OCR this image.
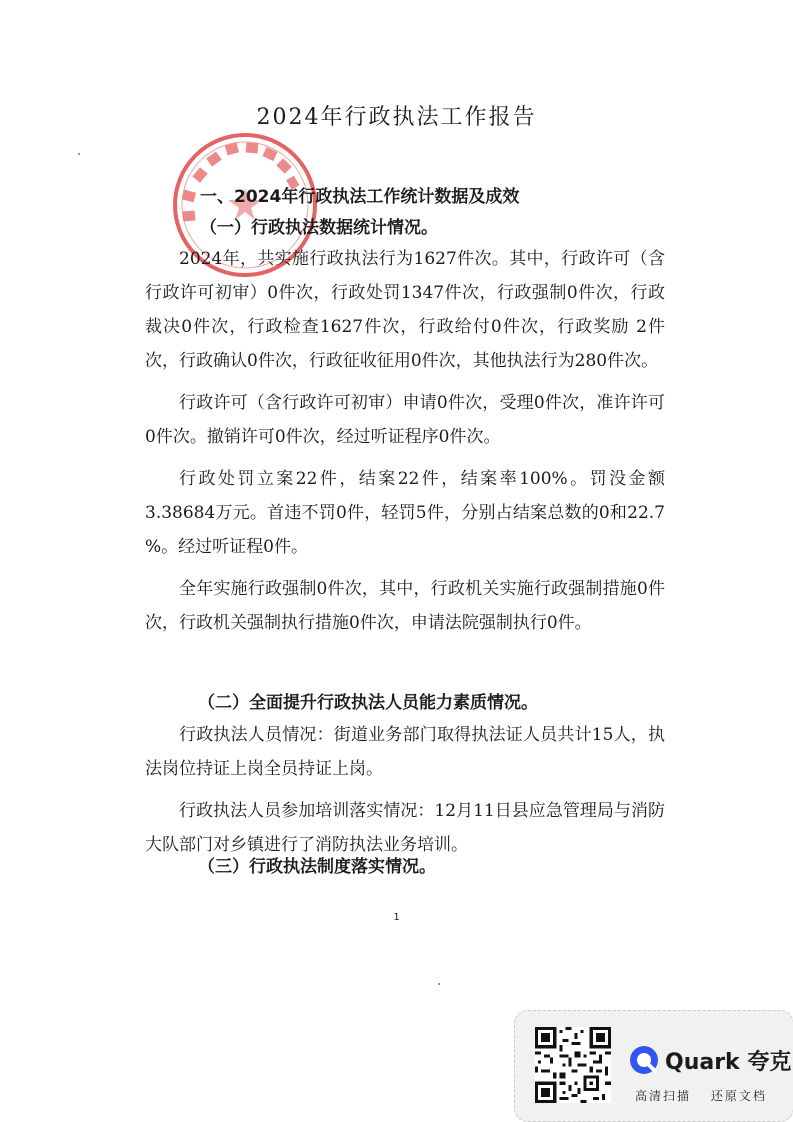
2024年行政执法工作报告
一、2024年行政执法工作统计数据及成效
（一）行政执法数据统计情况。

2024年，共实施行政执法行为1627件次。其中，行政许可（含行政许可初审）0件次，行政处罚1347件次，行政强制0件次，行政裁决0件次，行政检查1627件次，行政给付0件次，行政奖励 2件次，行政确认0件次，行政征收征用0件次，其他执法行为280件次。

行政许可（含行政许可初审）申请0件次，受理0件次，准许许可0件次。撤销许可0件次，经过听证程序0件次。

行政处罚立案22件，结案22件，结案率100%。罚没金额3.38684万元。首违不罚0件，轻罚5件，分别占结案总数的0和22.7 %。经过听证程0件。

全年实施行政强制0件次，其中，行政机关实施行政强制措施0件次，行政机关强制执行措施0件次，申请法院强制执行0件。

（二）全面提升行政执法人员能力素质情况。

行政执法人员情况：街道业务部门取得执法证人员共计15人，执法岗位持证上岗全员持证上岗。

行政执法人员参加培训落实情况：12月11日县应急管理局与消防大队部门对乡镇进行了消防执法业务培训。

（三）行政执法制度落实情况。
1
Quark 夸克
高清扫描 还原文档
